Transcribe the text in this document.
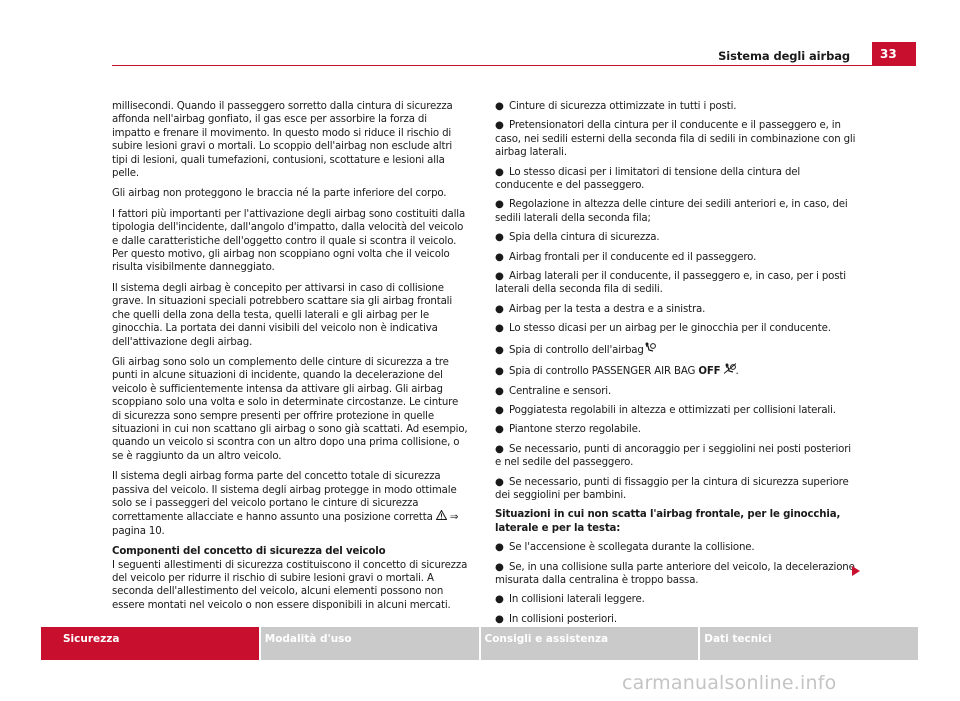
Sistema degli airbag	33

millisecondi. Quando il passeggero sorretto dalla cintura di sicurezza affonda nell'airbag gonfiato, il gas esce per assorbire la forza di impatto e frenare il movimento. In questo modo si riduce il rischio di subire lesioni gravi o mortali. Lo scoppio dell'airbag non esclude altri tipi di lesioni, quali tumefazioni, contusioni, scottature e lesioni alla pelle.

Gli airbag non proteggono le braccia né la parte inferiore del corpo.

I fattori più importanti per l'attivazione degli airbag sono costituiti dalla tipologia dell'incidente, dall'angolo d'impatto, dalla velocità del veicolo e dalle caratteristiche dell'oggetto contro il quale si scontra il veicolo. Per questo motivo, gli airbag non scoppiano ogni volta che il veicolo risulta visibilmente danneggiato.

Il sistema degli airbag è concepito per attivarsi in caso di collisione grave. In situazioni speciali potrebbero scattare sia gli airbag frontali che quelli della zona della testa, quelli laterali e gli airbag per le ginocchia. La portata dei danni visibili del veicolo non è indicativa dell'attivazione degli airbag.

Gli airbag sono solo un complemento delle cinture di sicurezza a tre punti in alcune situazioni di incidente, quando la decelerazione del veicolo è sufficientemente intensa da attivare gli airbag. Gli airbag scoppiano solo una volta e solo in determinate circostanze. Le cinture di sicurezza sono sempre presenti per offrire protezione in quelle situazioni in cui non scattano gli airbag o sono già scattati. Ad esempio, quando un veicolo si scontra con un altro dopo una prima collisione, o se è raggiunto da un altro veicolo.

Il sistema degli airbag forma parte del concetto totale di sicurezza passiva del veicolo. Il sistema degli airbag protegge in modo ottimale solo se i passeggeri del veicolo portano le cinture di sicurezza correttamente allacciate e hanno assunto una posizione corretta  ⇒ pagina 10.

Componenti del concetto di sicurezza del veicolo

I seguenti allestimenti di sicurezza costituiscono il concetto di sicurezza del veicolo per ridurre il rischio di subire lesioni gravi o mortali. A seconda dell'allestimento del veicolo, alcuni elementi possono non essere montati nel veicolo o non essere disponibili in alcuni mercati.

● Cinture di sicurezza ottimizzate in tutti i posti.
● Pretensionatori della cintura per il conducente e il passeggero e, in caso, nei sedili esterni della seconda fila di sedili in combinazione con gli airbag laterali.
● Lo stesso dicasi per i limitatori di tensione della cintura del conducente e del passeggero.
● Regolazione in altezza delle cinture dei sedili anteriori e, in caso, dei sedili laterali della seconda fila;
● Spia della cintura di sicurezza.
● Airbag frontali per il conducente ed il passeggero.
● Airbag laterali per il conducente, il passeggero e, in caso, per i posti laterali della seconda fila di sedili.
● Airbag per la testa a destra e a sinistra.
● Lo stesso dicasi per un airbag per le ginocchia per il conducente.
● Spia di controllo dell'airbag
● Spia di controllo PASSENGER AIR BAG OFF .
● Centraline e sensori.
● Poggiatesta regolabili in altezza e ottimizzati per collisioni laterali.
● Piantone sterzo regolabile.
● Se necessario, punti di ancoraggio per i seggiolini nei posti posteriori e nel sedile del passeggero.
● Se necessario, punti di fissaggio per la cintura di sicurezza superiore dei seggiolini per bambini.

Situazioni in cui non scatta l'airbag frontale, per le ginocchia, laterale e per la testa:

● Se l'accensione è scollegata durante la collisione.
● Se, in una collisione sulla parte anteriore del veicolo, la decelerazione misurata dalla centralina è troppo bassa.
● In collisioni laterali leggere.
● In collisioni posteriori.
Sicurezza	Modalità d'uso	Consigli e assistenza	Dati tecnici
carmanualsonline.info
